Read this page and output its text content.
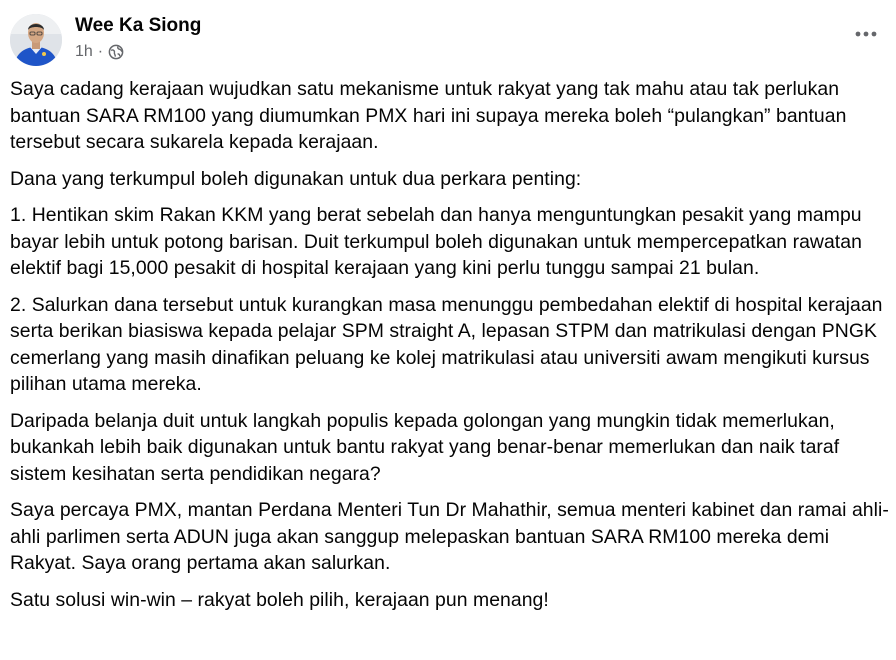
Wee Ka Siong
1h ·

Saya cadang kerajaan wujudkan satu mekanisme untuk rakyat yang tak mahu atau tak perlukan bantuan SARA RM100 yang diumumkan PMX hari ini supaya mereka boleh “pulangkan” bantuan tersebut secara sukarela kepada kerajaan.

Dana yang terkumpul boleh digunakan untuk dua perkara penting:

1. Hentikan skim Rakan KKM yang berat sebelah dan hanya menguntungkan pesakit yang mampu bayar lebih untuk potong barisan. Duit terkumpul boleh digunakan untuk mempercepatkan rawatan elektif bagi 15,000 pesakit di hospital kerajaan yang kini perlu tunggu sampai 21 bulan.

2. Salurkan dana tersebut untuk kurangkan masa menunggu pembedahan elektif di hospital kerajaan serta berikan biasiswa kepada pelajar SPM straight A, lepasan STPM dan matrikulasi dengan PNGK cemerlang yang masih dinafikan peluang ke kolej matrikulasi atau universiti awam mengikuti kursus pilihan utama mereka.

Daripada belanja duit untuk langkah populis kepada golongan yang mungkin tidak memerlukan, bukankah lebih baik digunakan untuk bantu rakyat yang benar-benar memerlukan dan naik taraf sistem kesihatan serta pendidikan negara?

Saya percaya PMX, mantan Perdana Menteri Tun Dr Mahathir, semua menteri kabinet dan ramai ahli-ahli parlimen serta ADUN juga akan sanggup melepaskan bantuan SARA RM100 mereka demi Rakyat. Saya orang pertama akan salurkan.

Satu solusi win-win – rakyat boleh pilih, kerajaan pun menang!
